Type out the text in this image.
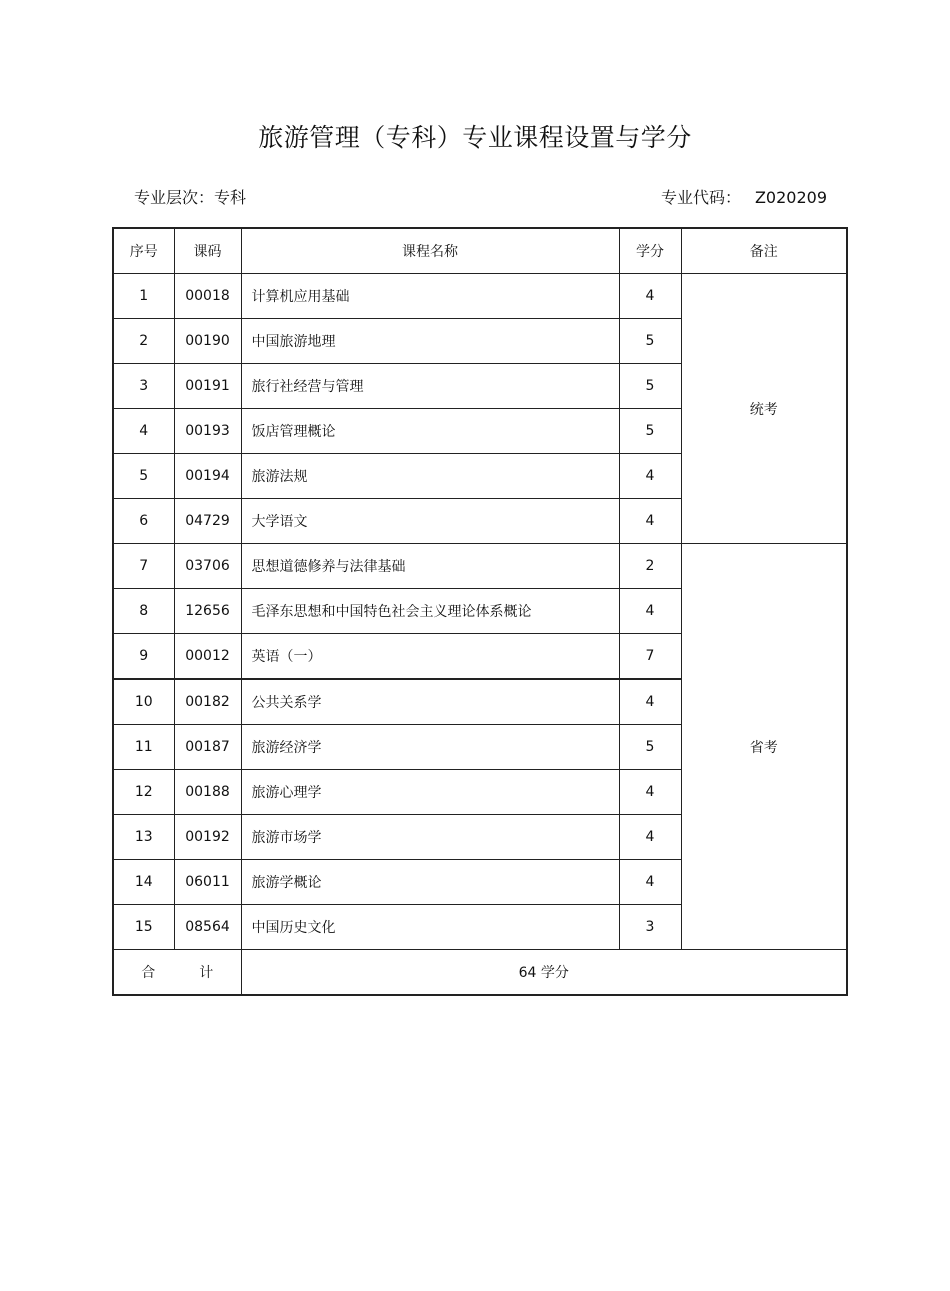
旅游管理（专科）专业课程设置与学分
专业层次：专科	专业代码： Z020209
序号	课码	课程名称	学分	备注
1	00018	计算机应用基础	4	统考
2	00190	中国旅游地理	5	
3	00191	旅行社经营与管理	5	
4	00193	饭店管理概论	5	
5	00194	旅游法规	4	
6	04729	大学语文	4	
7	03706	思想道德修养与法律基础	2	省考
8	12656	毛泽东思想和中国特色社会主义理论体系概论	4	
9	00012	英语（一）	7	
10	00182	公共关系学	4	
11	00187	旅游经济学	5	
12	00188	旅游心理学	4	
13	00192	旅游市场学	4	
14	06011	旅游学概论	4	
15	08564	中国历史文化	3	
合 计		64 学分		
